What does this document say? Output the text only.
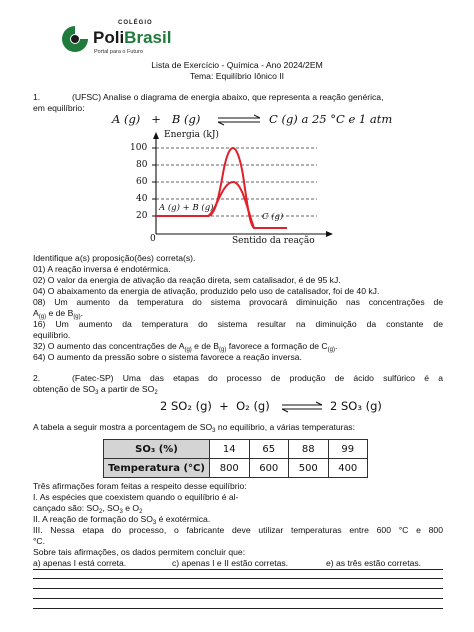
COLÉGIO
PoliBrasil
Portal para o Futuro
Lista de Exercício - Química - Ano 2024/2EM
Tema: Equilíbrio Iônico II
1.	(UFSC) Analise o diagrama de energia abaixo, que representa a reação genérica,
em equilíbrio:
A (g)   +   B (g) ⇌ C (g) a 25 °C e 1 atm
Energia (kJ)
100
80
60
40
20
0
A (g) + B (g)
C (g)
Sentido da reação
Identifique a(s) proposição(ões) correta(s).
01) A reação inversa é endotérmica.
02) O valor da energia de ativação da reação direta, sem catalisador, é de 95 kJ.
04) O abaixamento da energia de ativação, produzido pelo uso de catalisador, foi de 40 kJ.
08) Um aumento da temperatura do sistema provocará diminuição nas concentrações de
$A_{(g)}$ e de $B_{(g)}$.
16) Um aumento da temperatura do sistema resultar na diminuição da constante de
equilíbrio.
32) O aumento das concentrações de $A_{(g)}$ e de $B_{(g)}$ favorece a formação de $C_{(g)}$.
64) O aumento da pressão sobre o sistema favorece a reação inversa.
2.	(Fatec-SP) Uma das etapas do processo de produção de ácido sulfúrico é a
obtenção de $SO_3$ a partir de $SO_2$
2 SO₂ (g)  +  O₂ (g) ⇌ 2 SO₃ (g)
A tabela a seguir mostra a porcentagem de $SO_3$ no equilíbrio, a várias temperaturas:
SO₃ (%)	14	65	88	99
Temperatura (°C)	800	600	500	400
Três afirmações foram feitas a respeito desse equilíbrio:
I. As espécies que coexistem quando o equilíbrio é al-
cançado são: $SO_2$, $SO_3$ e $O_2$
II. A reação de formação do $SO_3$ é exotérmica.
III. Nessa etapa do processo, o fabricante deve utilizar temperaturas entre 600 °C e 800
°C.
Sobre tais afirmações, os dados permitem concluir que:
a) apenas I está correta.	c) apenas I e II estão corretas.	e) as três estão corretas.
